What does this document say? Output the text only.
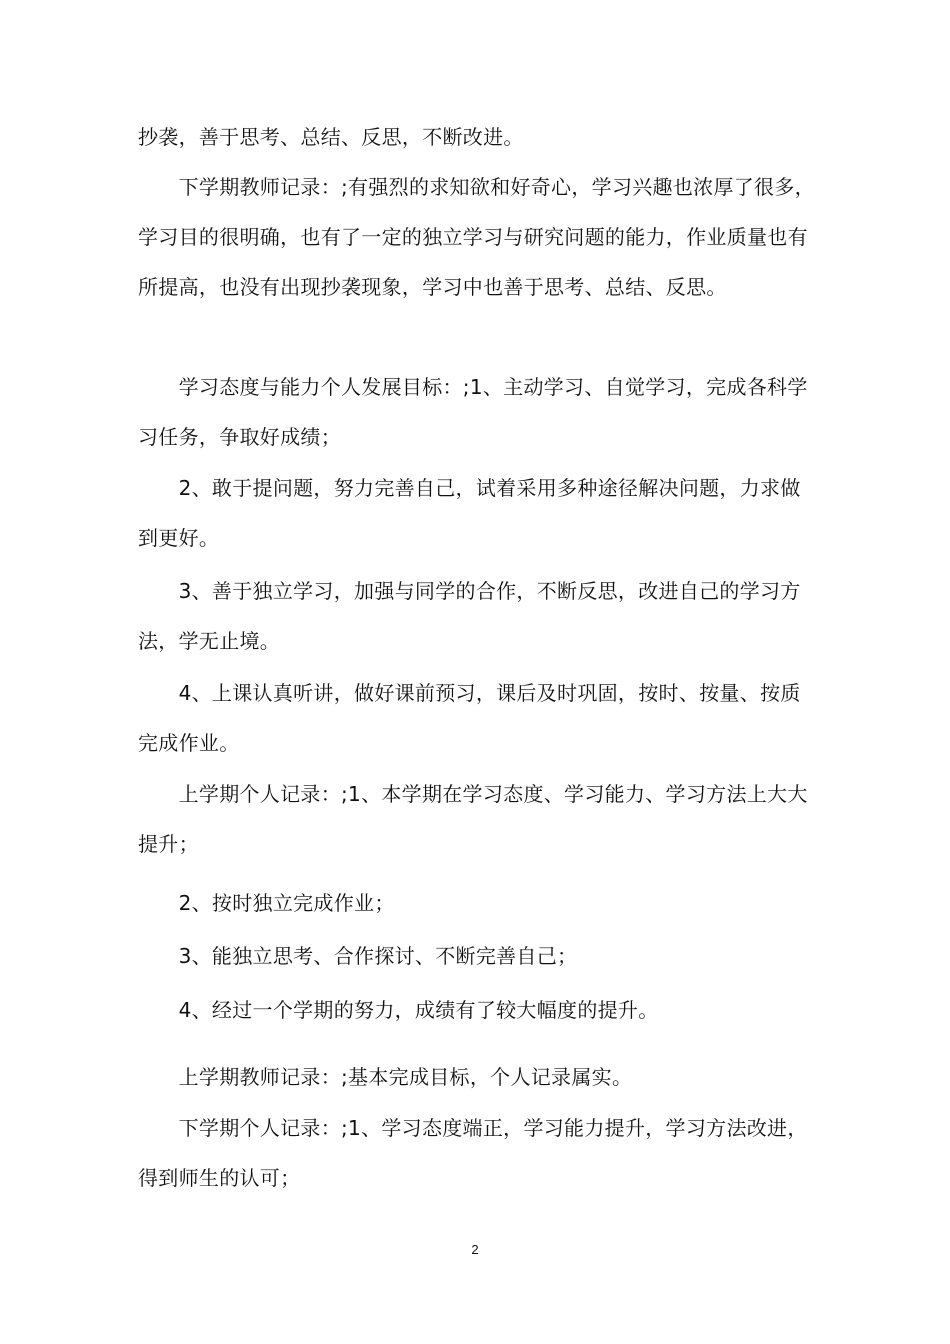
抄袭，善于思考、总结、反思，不断改进。

　　下学期教师记录：;有强烈的求知欲和好奇心，学习兴趣也浓厚了很多，学习目的很明确，也有了一定的独立学习与研究问题的能力，作业质量也有所提高，也没有出现抄袭现象，学习中也善于思考、总结、反思。

　　学习态度与能力个人发展目标：;1、主动学习、自觉学习，完成各科学习任务，争取好成绩；

　　2、敢于提问题，努力完善自己，试着采用多种途径解决问题，力求做到更好。

　　3、善于独立学习，加强与同学的合作，不断反思，改进自己的学习方法，学无止境。

　　4、上课认真听讲，做好课前预习，课后及时巩固，按时、按量、按质完成作业。

　　上学期个人记录：;1、本学期在学习态度、学习能力、学习方法上大大提升；

　　2、按时独立完成作业；

　　3、能独立思考、合作探讨、不断完善自己；

　　4、经过一个学期的努力，成绩有了较大幅度的提升。

　　上学期教师记录：;基本完成目标，个人记录属实。

　　下学期个人记录：;1、学习态度端正，学习能力提升，学习方法改进，得到师生的认可；

2
